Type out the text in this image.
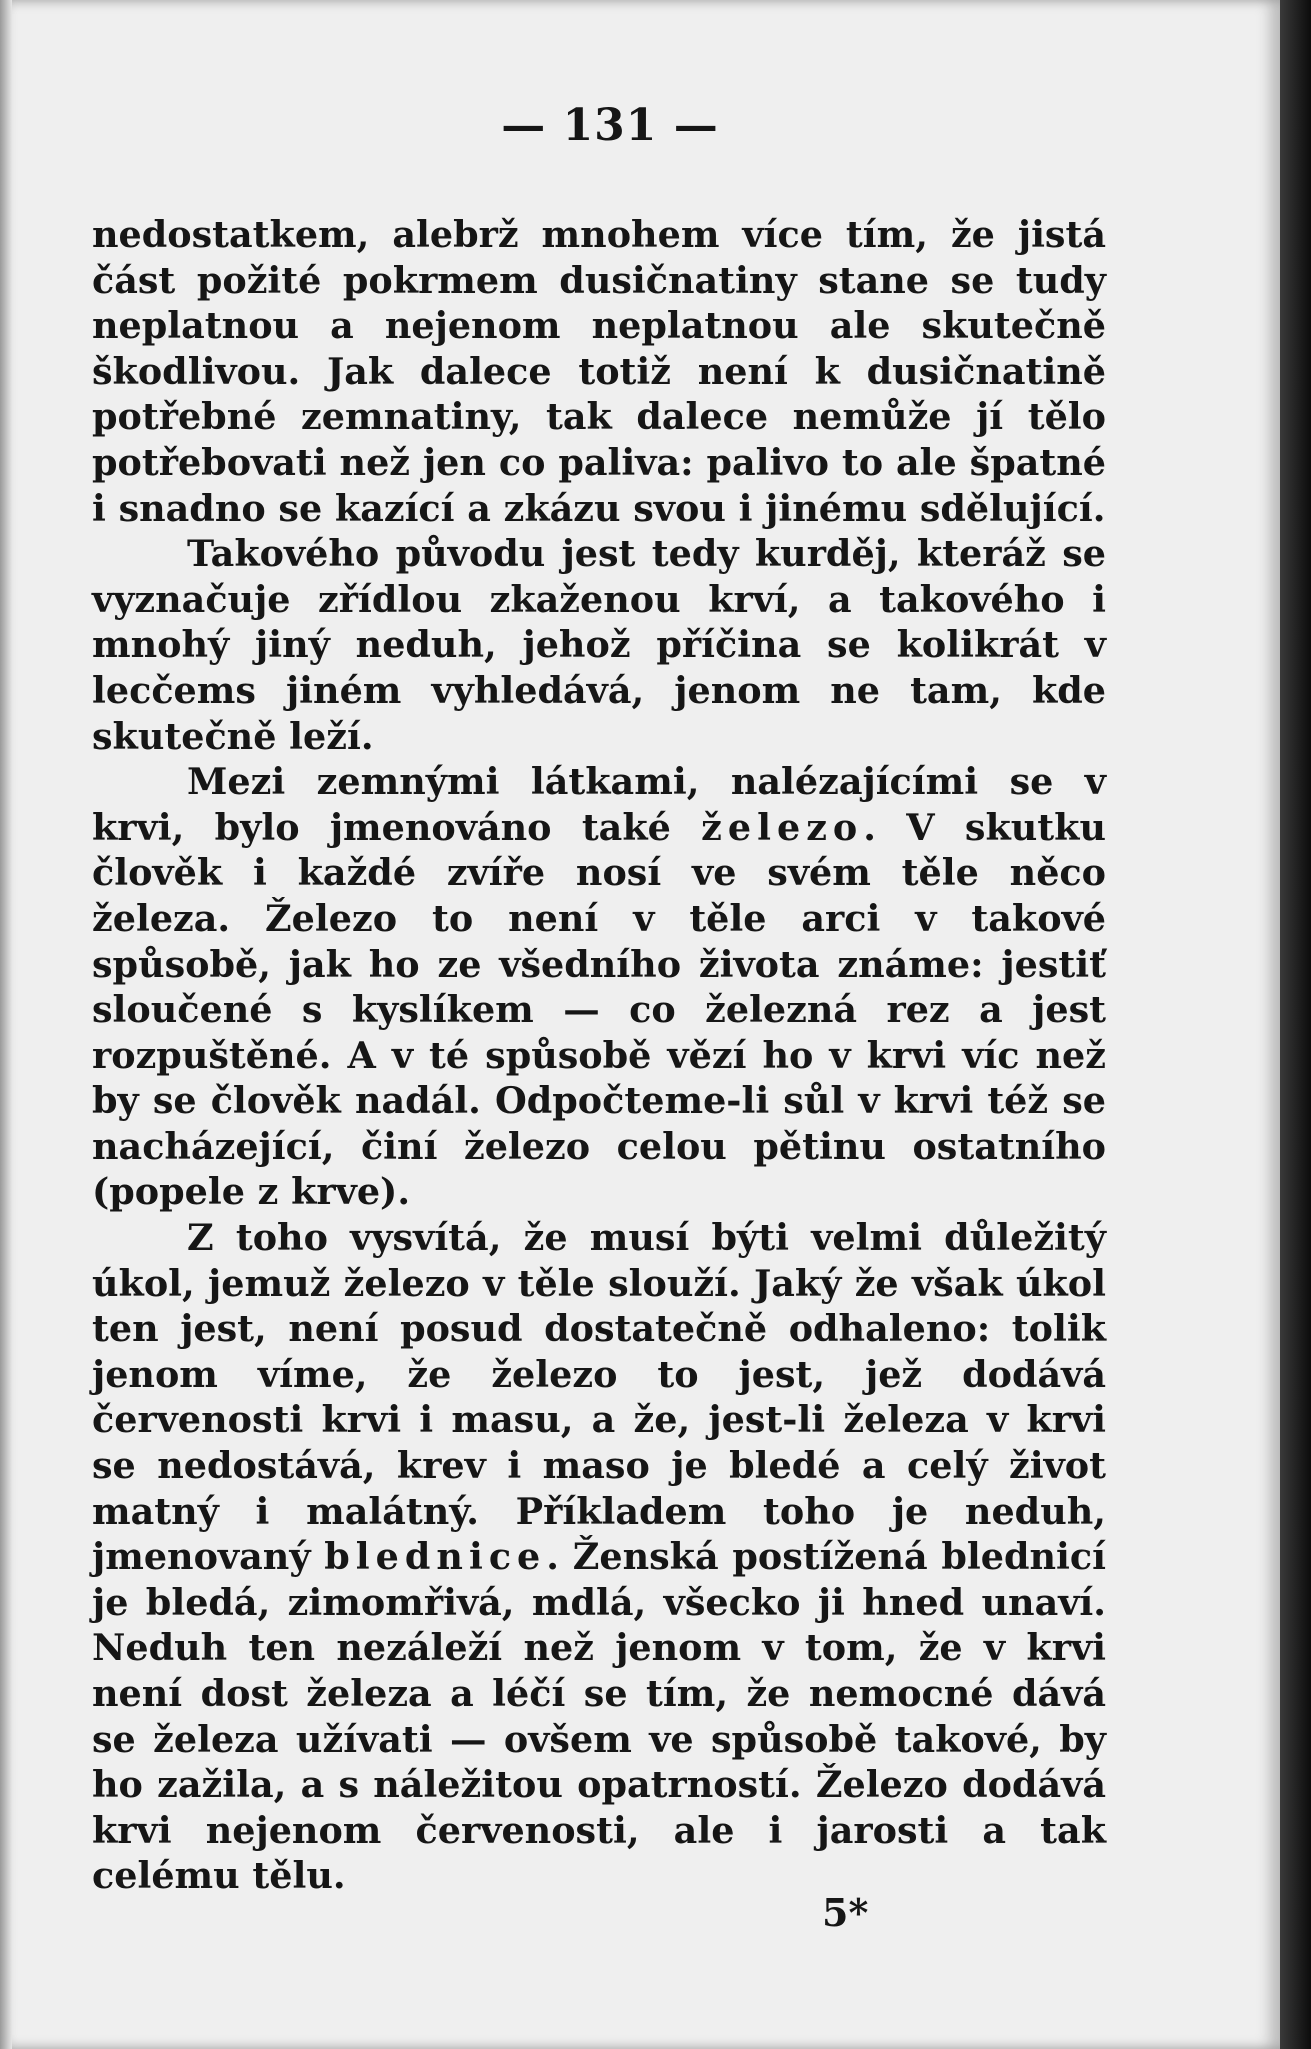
— 131 —

nedostatkem, alebrž mnohem více tím, že jistá část požité pokrmem dusičnatiny stane se tudy neplatnou a nejenom neplatnou ale skutečně škodlivou. Jak dalece totiž není k dusičnatině potřebné zemnatiny, tak dalece nemůže jí tělo potřebovati než jen co paliva: palivo to ale špatné i snadno se kazící a zkázu svou i jinému sdělující.

Takového původu jest tedy kurděj, kteráž se vyznačuje zřídlou zkaženou krví, a takového i mnohý jiný neduh, jehož příčina se kolikrát v lecčems jiném vyhledává, jenom ne tam, kde skutečně leží.

Mezi zemnými látkami, nalézajícími se v krvi, bylo jmenováno také železo. V skutku člověk i každé zvíře nosí ve svém těle něco železa. Železo to není v těle arci v takové spůsobě, jak ho ze všedního života známe: jestiť sloučené s kyslíkem — co železná rez a jest rozpuštěné. A v té spůsobě vězí ho v krvi víc než by se člověk nadál. Odpočteme-li sůl v krvi též se nacházející, činí železo celou pětinu ostatního (popele z krve).

Z toho vysvítá, že musí býti velmi důležitý úkol, jemuž železo v těle slouží. Jaký že však úkol ten jest, není posud dostatečně odhaleno: tolik jenom víme, že železo to jest, jež dodává červenosti krvi i masu, a že, jest-li železa v krvi se nedostává, krev i maso je bledé a celý život matný i malátný. Příkladem toho je neduh, jmenovaný blednice. Ženská postížená blednicí je bledá, zimomřivá, mdlá, všecko ji hned unaví. Neduh ten nezáleží než jenom v tom, že v krvi není dost železa a léčí se tím, že nemocné dává se železa užívati — ovšem ve spůsobě takové, by ho zažila, a s náležitou opatrností. Železo dodává krvi nejenom červenosti, ale i jarosti a tak celému tělu.

5*
